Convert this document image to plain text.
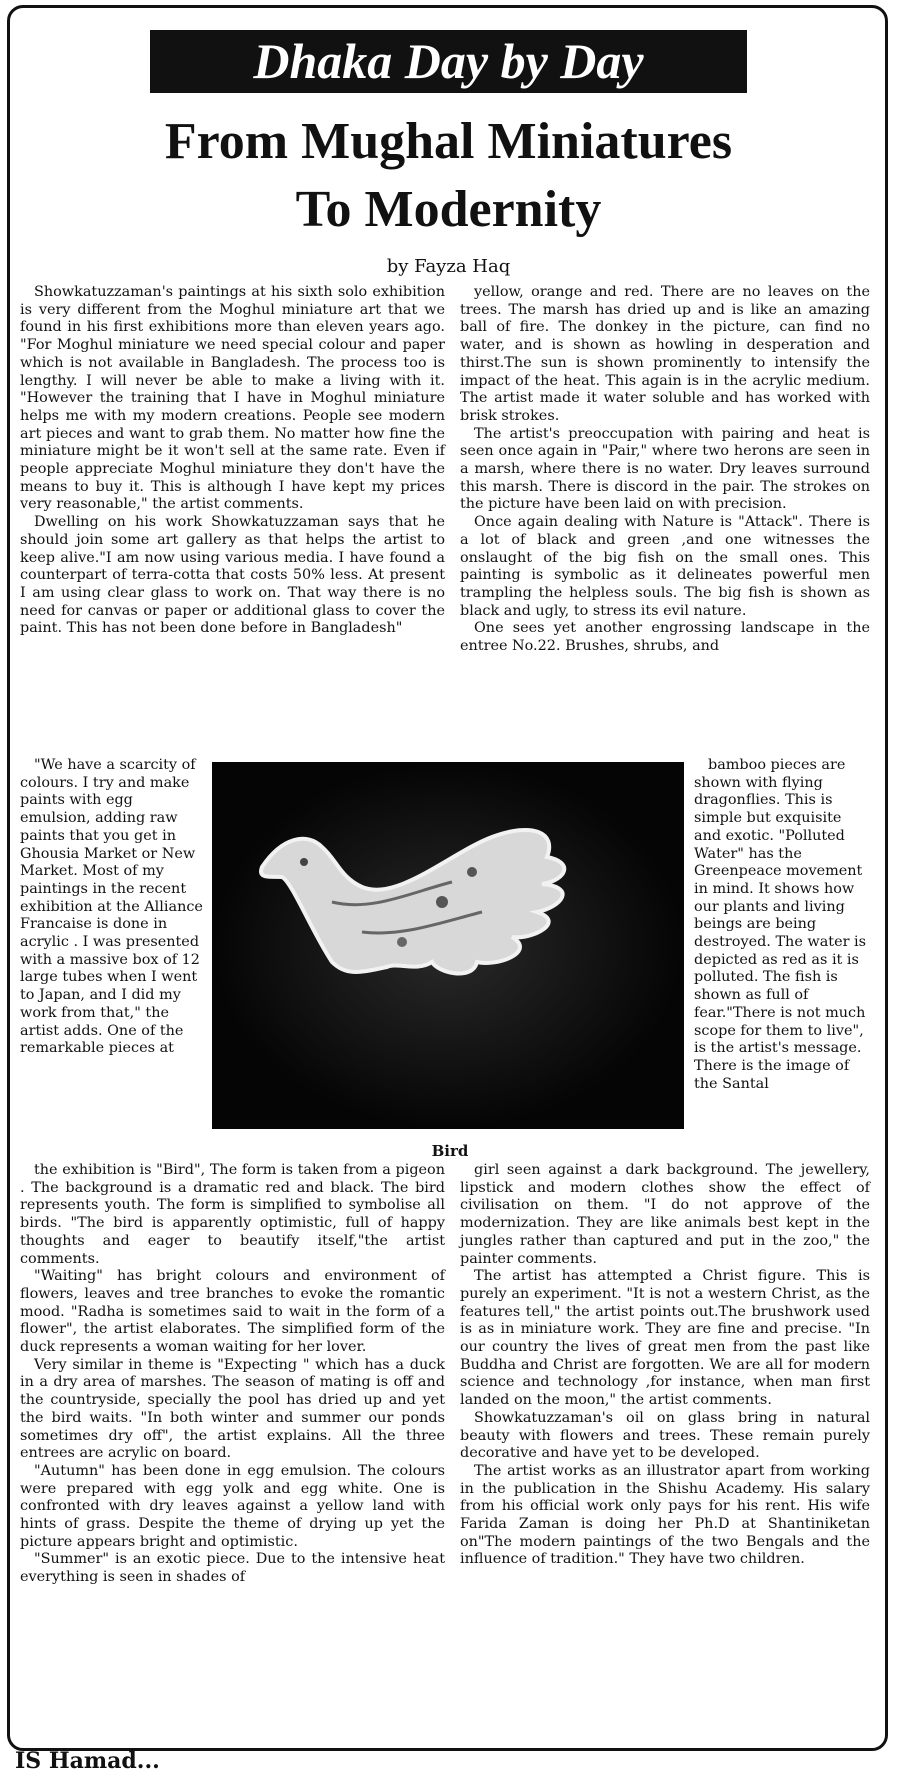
Dhaka Day by Day
From Mughal Miniatures
To Modernity
by Fayza Haq

Showkatuzzaman's paintings at his sixth solo exhibition is very different from the Moghul miniature art that we found in his first exhibitions more than eleven years ago. "For Moghul miniature we need special colour and paper which is not available in Bangladesh. The process too is lengthy. I will never be able to make a living with it. "However the training that I have in Moghul miniature helps me with my modern creations. People see modern art pieces and want to grab them. No matter how fine the miniature might be it won't sell at the same rate. Even if people appreciate Moghul miniature they don't have the means to buy it. This is although I have kept my prices very reasonable," the artist comments.

Dwelling on his work Showkatuzzaman says that he should join some art gallery as that helps the artist to keep alive."I am now using various media. I have found a counterpart of terra-cotta that costs 50% less. At present I am using clear glass to work on. That way there is no need for canvas or paper or additional glass to cover the paint. This has not been done before in Bangladesh"

yellow, orange and red. There are no leaves on the trees. The marsh has dried up and is like an amazing ball of fire. The donkey in the picture, can find no water, and is shown as howling in desperation and thirst.The sun is shown prominently to intensify the impact of the heat. This again is in the acrylic medium. The artist made it water soluble and has worked with brisk strokes.

The artist's preoccupation with pairing and heat is seen once again in "Pair," where two herons are seen in a marsh, where there is no water. Dry leaves surround this marsh. There is discord in the pair. The strokes on the picture have been laid on with precision.

Once again dealing with Nature is "Attack". There is a lot of black and green ,and one witnesses the onslaught of the big fish on the small ones. This painting is symbolic as it delineates powerful men trampling the helpless souls. The big fish is shown as black and ugly, to stress its evil nature.

One sees yet another engrossing landscape in the entree No.22. Brushes, shrubs, and

"We have a scarcity of colours. I try and make paints with egg emulsion, adding raw paints that you get in Ghousia Market or New Market. Most of my paintings in the recent exhibition at the Alliance Francaise is done in acrylic . I was presented with a massive box of 12 large tubes when I went to Japan, and I did my work from that," the artist adds. One of the remarkable pieces at

bamboo pieces are shown with flying dragonflies. This is simple but exquisite and exotic. "Polluted Water" has the Greenpeace movement in mind. It shows how our plants and living beings are being destroyed. The water is depicted as red as it is polluted. The fish is shown as full of fear."There is not much scope for them to live", is the artist's message. There is the image of the Santal

Bird

the exhibition is "Bird", The form is taken from a pigeon . The background is a dramatic red and black. The bird represents youth. The form is simplified to symbolise all birds. "The bird is apparently optimistic, full of happy thoughts and eager to beautify itself,"the artist comments.

"Waiting" has bright colours and environment of flowers, leaves and tree branches to evoke the romantic mood. "Radha is sometimes said to wait in the form of a flower", the artist elaborates. The simplified form of the duck represents a woman waiting for her lover.

Very similar in theme is "Expecting " which has a duck in a dry area of marshes. The season of mating is off and the countryside, specially the pool has dried up and yet the bird waits. "In both winter and summer our ponds sometimes dry off", the artist explains. All the three entrees are acrylic on board.

"Autumn" has been done in egg emulsion. The colours were prepared with egg yolk and egg white. One is confronted with dry leaves against a yellow land with hints of grass. Despite the theme of drying up yet the picture appears bright and optimistic.

"Summer" is an exotic piece. Due to the intensive heat everything is seen in shades of

girl seen against a dark background. The jewellery, lipstick and modern clothes show the effect of civilisation on them. "I do not approve of the modernization. They are like animals best kept in the jungles rather than captured and put in the zoo," the painter comments.

The artist has attempted a Christ figure. This is purely an experiment. "It is not a western Christ, as the features tell," the artist points out.The brushwork used is as in miniature work. They are fine and precise. "In our country the lives of great men from the past like Buddha and Christ are forgotten. We are all for modern science and technology ,for instance, when man first landed on the moon," the artist comments.

Showkatuzzaman's oil on glass bring in natural beauty with flowers and trees. These remain purely decorative and have yet to be developed.

The artist works as an illustrator apart from working in the publication in the Shishu Academy. His salary from his official work only pays for his rent. His wife Farida Zaman is doing her Ph.D at Shantiniketan on"The modern paintings of the two Bengals and the influence of tradition." They have two children.

IS Hamad...
